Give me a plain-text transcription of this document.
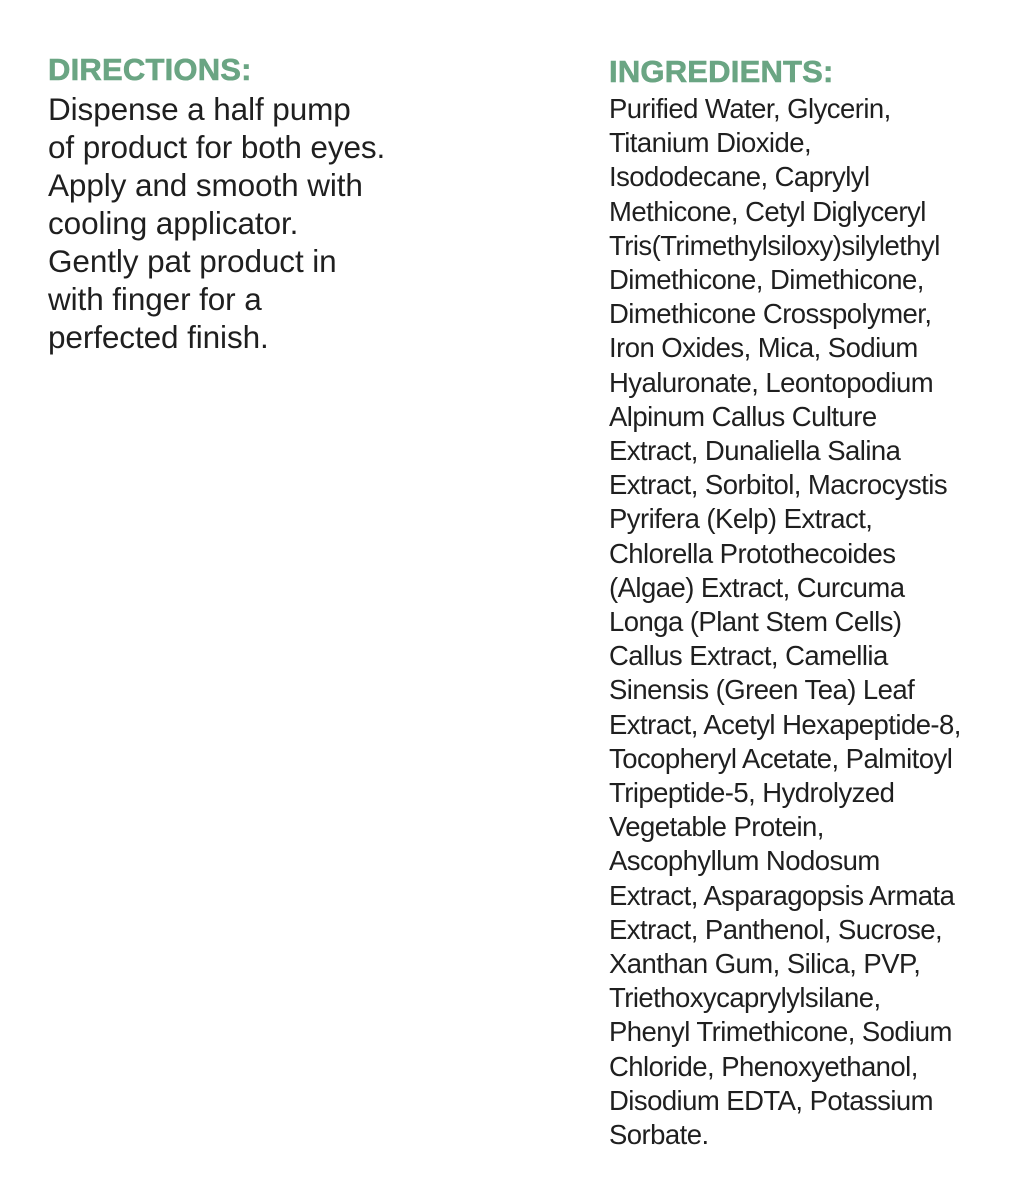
DIRECTIONS:

Dispense a half pump
of product for both eyes.
Apply and smooth with
cooling applicator.
Gently pat product in
with finger for a
perfected finish.

INGREDIENTS:

Purified Water, Glycerin,
Titanium Dioxide,
Isododecane, Caprylyl
Methicone, Cetyl Diglyceryl
Tris(Trimethylsiloxy)silylethyl
Dimethicone, Dimethicone,
Dimethicone Crosspolymer,
Iron Oxides, Mica, Sodium
Hyaluronate, Leontopodium
Alpinum Callus Culture
Extract, Dunaliella Salina
Extract, Sorbitol, Macrocystis
Pyrifera (Kelp) Extract,
Chlorella Protothecoides
(Algae) Extract, Curcuma
Longa (Plant Stem Cells)
Callus Extract, Camellia
Sinensis (Green Tea) Leaf
Extract, Acetyl Hexapeptide-8,
Tocopheryl Acetate, Palmitoyl
Tripeptide-5, Hydrolyzed
Vegetable Protein,
Ascophyllum Nodosum
Extract, Asparagopsis Armata
Extract, Panthenol, Sucrose,
Xanthan Gum, Silica, PVP,
Triethoxycaprylylsilane,
Phenyl Trimethicone, Sodium
Chloride, Phenoxyethanol,
Disodium EDTA, Potassium
Sorbate.
